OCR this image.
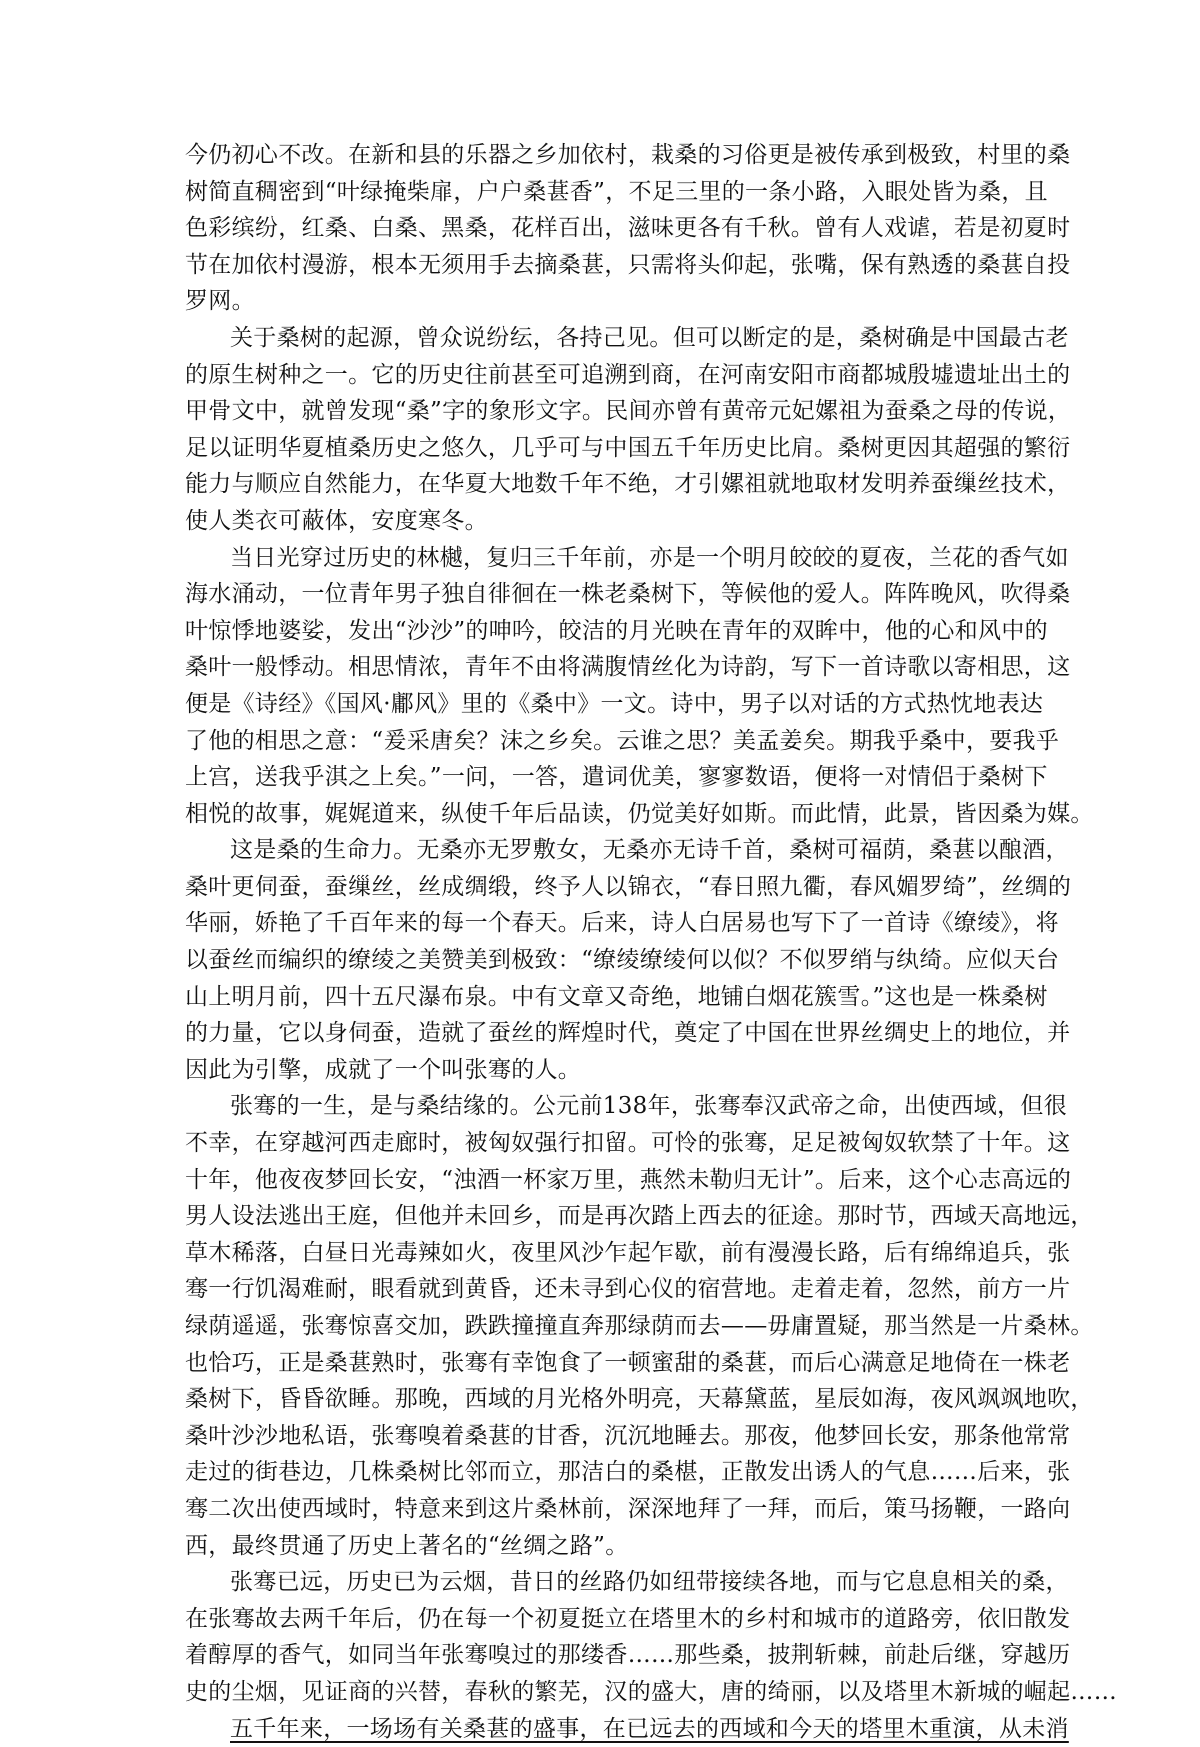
今仍初心不改。在新和县的乐器之乡加依村，栽桑的习俗更是被传承到极致，村里的桑
树简直稠密到“叶绿掩柴扉，户户桑葚香”，不足三里的一条小路，入眼处皆为桑，且
色彩缤纷，红桑、白桑、黑桑，花样百出，滋味更各有千秋。曾有人戏谑，若是初夏时
节在加依村漫游，根本无须用手去摘桑葚，只需将头仰起，张嘴，保有熟透的桑葚自投
罗网。
关于桑树的起源，曾众说纷纭，各持己见。但可以断定的是，桑树确是中国最古老
的原生树种之一。它的历史往前甚至可追溯到商，在河南安阳市商都城殷墟遗址出土的
甲骨文中，就曾发现“桑”字的象形文字。民间亦曾有黄帝元妃嫘祖为蚕桑之母的传说，
足以证明华夏植桑历史之悠久，几乎可与中国五千年历史比肩。桑树更因其超强的繁衍
能力与顺应自然能力，在华夏大地数千年不绝，才引嫘祖就地取材发明养蚕缫丝技术，
使人类衣可蔽体，安度寒冬。
当日光穿过历史的林樾，复归三千年前，亦是一个明月皎皎的夏夜，兰花的香气如
海水涌动，一位青年男子独自徘徊在一株老桑树下，等候他的爱人。阵阵晚风，吹得桑
叶惊悸地婆娑，发出“沙沙”的呻吟，皎洁的月光映在青年的双眸中，他的心和风中的
桑叶一般悸动。相思情浓，青年不由将满腹情丝化为诗韵，写下一首诗歌以寄相思，这
便是《诗经》《国风·鄘风》里的《桑中》一文。诗中，男子以对话的方式热忱地表达
了他的相思之意：“爰采唐矣？沫之乡矣。云谁之思？美孟姜矣。期我乎桑中，要我乎
上宫，送我乎淇之上矣。”一问，一答，遣词优美，寥寥数语，便将一对情侣于桑树下
相悦的故事，娓娓道来，纵使千年后品读，仍觉美好如斯。而此情，此景，皆因桑为媒。
这是桑的生命力。无桑亦无罗敷女，无桑亦无诗千首，桑树可福荫，桑葚以酿酒，
桑叶更伺蚕，蚕缫丝，丝成绸缎，终予人以锦衣，“春日照九衢，春风媚罗绮”，丝绸的
华丽，娇艳了千百年来的每一个春天。后来，诗人白居易也写下了一首诗《缭绫》，将
以蚕丝而编织的缭绫之美赞美到极致：“缭绫缭绫何以似？不似罗绡与纨绮。应似天台
山上明月前，四十五尺瀑布泉。中有文章又奇绝，地铺白烟花簇雪。”这也是一株桑树
的力量，它以身伺蚕，造就了蚕丝的辉煌时代，奠定了中国在世界丝绸史上的地位，并
因此为引擎，成就了一个叫张骞的人。
张骞的一生，是与桑结缘的。公元前138年，张骞奉汉武帝之命，出使西域，但很
不幸，在穿越河西走廊时，被匈奴强行扣留。可怜的张骞，足足被匈奴软禁了十年。这
十年，他夜夜梦回长安，“浊酒一杯家万里，燕然未勒归无计”。后来，这个心志高远的
男人设法逃出王庭，但他并未回乡，而是再次踏上西去的征途。那时节，西域天高地远，
草木稀落，白昼日光毒辣如火，夜里风沙乍起乍歇，前有漫漫长路，后有绵绵追兵，张
骞一行饥渴难耐，眼看就到黄昏，还未寻到心仪的宿营地。走着走着，忽然，前方一片
绿荫遥遥，张骞惊喜交加，跌跌撞撞直奔那绿荫而去——毋庸置疑，那当然是一片桑林。
也恰巧，正是桑葚熟时，张骞有幸饱食了一顿蜜甜的桑葚，而后心满意足地倚在一株老
桑树下，昏昏欲睡。那晚，西域的月光格外明亮，天幕黛蓝，星辰如海，夜风飒飒地吹，
桑叶沙沙地私语，张骞嗅着桑葚的甘香，沉沉地睡去。那夜，他梦回长安，那条他常常
走过的街巷边，几株桑树比邻而立，那洁白的桑椹，正散发出诱人的气息……后来，张
骞二次出使西域时，特意来到这片桑林前，深深地拜了一拜，而后，策马扬鞭，一路向
西，最终贯通了历史上著名的“丝绸之路”。
张骞已远，历史已为云烟，昔日的丝路仍如纽带接续各地，而与它息息相关的桑，
在张骞故去两千年后，仍在每一个初夏挺立在塔里木的乡村和城市的道路旁，依旧散发
着醇厚的香气，如同当年张骞嗅过的那缕香……那些桑，披荆斩棘，前赴后继，穿越历
史的尘烟，见证商的兴替，春秋的繁芜，汉的盛大，唐的绮丽，以及塔里木新城的崛起……
五千年来，一场场有关桑葚的盛事，在已远去的西域和今天的塔里木重演，从未消
